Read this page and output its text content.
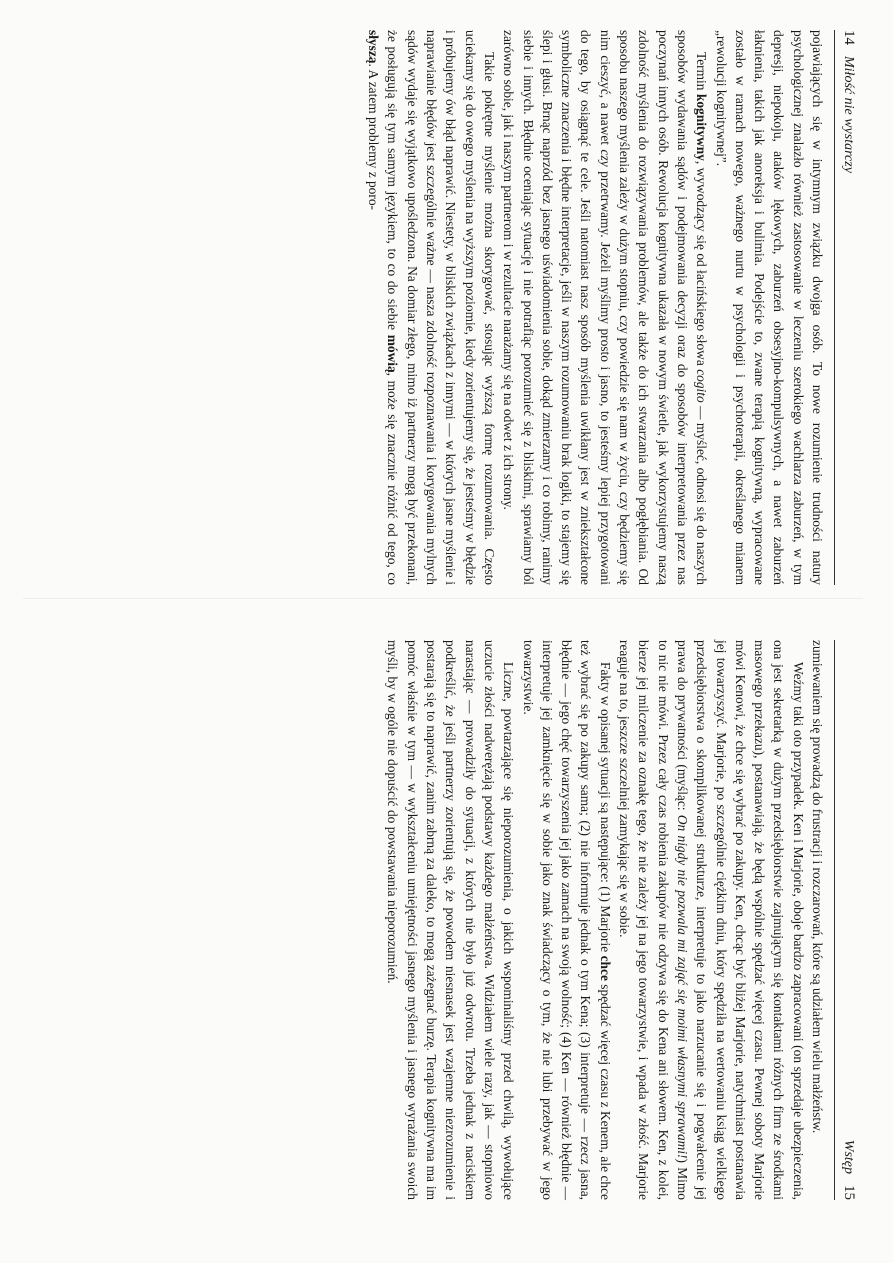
14
Miłość nie wystarczy

pojawiających się w intymnym związku dwojga osób. To nowe rozumienie trudności natury psychologicznej znalazło również zastosowanie w leczeniu szerokiego wachlarza zaburzeń, w tym depresji, niepokoju, ataków lękowych, zaburzeń obsesyjno-kompulsywnych, a nawet zaburzeń łaknienia, takich jak anoreksja i bulimia. Podejście to, zwane terapią kognitywną, wypracowane zostało w ramach nowego, ważnego nurtu w psychologii i psychoterapii, określanego mianem „rewolucji kognitywnej”.

Termin kognitywny, wywodzący się od łacińskiego słowa cogito — myśleć, odnosi się do naszych sposobów wydawania sądów i podejmowania decyzji oraz do sposobów interpretowania przez nas poczynań innych osób. Rewolucja kognitywna ukazała w nowym świetle, jak wykorzystujemy naszą zdolność myślenia do rozwiązywania problemów, ale także do ich stwarzania albo pogłębiania. Od sposobu naszego myślenia zależy w dużym stopniu, czy powiedzie się nam w życiu, czy będziemy się nim cieszyć, a nawet czy przetrwamy. Jeżeli myślimy prosto i jasno, to jesteśmy lepiej przygotowani do tego, by osiągnąć te cele. Jeśli natomiast nasz sposób myślenia uwikłany jest w zniekształcone symboliczne znaczenia i błędne interpretacje, jeśli w naszym rozumowaniu brak logiki, to stajemy się ślepi i głusi. Brnąc naprzód bez jasnego uświadomienia sobie, dokąd zmierzamy i co robimy, ranimy siebie i innych. Błędnie oceniając sytuację i nie potrafiąc porozumieć się z bliskimi, sprawiamy ból zarówno sobie, jak i naszym partnerom i w rezultacie narażamy się na odwet z ich strony.

Takie pokrętne myślenie można skorygować, stosując wyższą formę rozumowania. Często uciekamy się do owego myślenia na wyższym poziomie, kiedy zorientujemy się, że jesteśmy w błędzie i próbujemy ów błąd naprawić. Niestety, w bliskich związkach z innymi — w których jasne myślenie i naprawianie błędów jest szczególnie ważne — nasza zdolność rozpoznawania i korygowania mylnych sądów wydaje się wyjątkowo upośledzona. Na domiar złego, mimo iż partnerzy mogą być przekonani, że posługują się tym samym językiem, to co do siebie mówią, może się znacznie różnić od tego, co słyszą. A zatem problemy z poro-

Wstęp
15

zumiewaniem się prowadzą do frustracji i rozczarowań, które są udziałem wielu małżeństw.

Weźmy taki oto przypadek. Ken i Marjorie, oboje bardzo zapracowani (on sprzedaje ubezpieczenia, ona jest sekretarką w dużym przedsiębiorstwie zajmującym się kontaktami różnych firm ze środkami masowego przekazu), postanawiają, że będą wspólnie spędzać więcej czasu. Pewnej soboty Marjorie mówi Kenowi, że chce się wybrać po zakupy. Ken, chcąc być bliżej Marjorie, natychmiast postanawia jej towarzyszyć. Marjorie, po szczególnie ciężkim dniu, który spędziła na wertowaniu ksiąg wielkiego przedsiębiorstwa o skomplikowanej strukturze, interpretuje to jako narzucanie się i pogwałcenie jej prawa do prywatności (myśląc: On nigdy nie pozwala mi zająć się moimi własnymi sprawami!) Mimo to nic nie mówi. Przez cały czas robienia zakupów nie odzywa się do Kena ani słowem. Ken, z kolei, bierze jej milczenie za oznakę tego, że nie zależy jej na jego towarzystwie, i wpada w złość. Marjorie reaguje na to, jeszcze szczelniej zamykając się w sobie.

Fakty w opisanej sytuacji są następujące: (1) Marjorie chce spędzać więcej czasu z Kenem, ale chce też wybrać się po zakupy sama; (2) nie informuje jednak o tym Kena; (3) interpretuje — rzecz jasna, błędnie — jego chęć towarzyszenia jej jako zamach na swoją wolność; (4) Ken — również błędnie — interpretuje jej zamknięcie się w sobie jako znak świadczący o tym, że nie lubi przebywać w jego towarzystwie.

Liczne, powtarzające się nieporozumienia, o jakich wspominaliśmy przed chwilą, wywołujące uczucie złości nadwerężają podstawy każdego małżeństwa. Widziałem wiele razy, jak — stopniowo narastając — prowadziły do sytuacji, z których nie było już odwrotu. Trzeba jednak z naciskiem podkreślić, że jeśli partnerzy zorientują się, że powodem niesnasek jest wzajemne niezrozumienie i postarają się to naprawić, zanim zabrną za daleko, to mogą zażegnać burzę. Terapia kognitywna ma im pomóc właśnie w tym — w wykształceniu umiejętności jasnego myślenia i jasnego wyrażania swoich myśli, by w ogóle nie dopuścić do powstawania nieporozumień.
